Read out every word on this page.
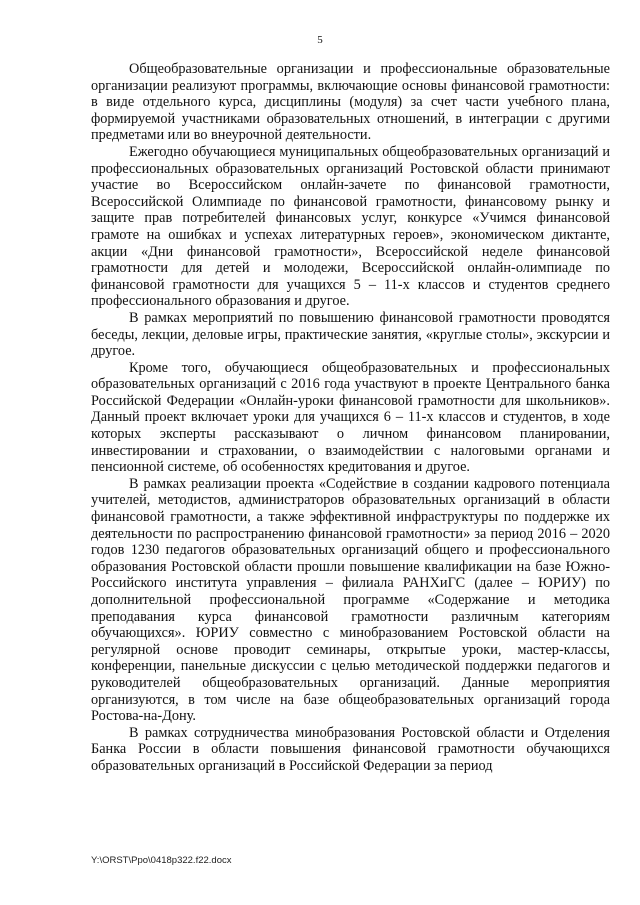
5

Общеобразовательные организации и профессиональные образовательные организации реализуют программы, включающие основы финансовой грамотности: в виде отдельного курса, дисциплины (модуля) за счет части учебного плана, формируемой участниками образовательных отношений, в интеграции с другими предметами или во внеурочной деятельности.

Ежегодно обучающиеся муниципальных общеобразовательных организаций и профессиональных образовательных организаций Ростовской области принимают участие во Всероссийском онлайн-зачете по финансовой грамотности, Всероссийской Олимпиаде по финансовой грамотности, финансовому рынку и защите прав потребителей финансовых услуг, конкурсе «Учимся финансовой грамоте на ошибках и успехах литературных героев», экономическом диктанте, акции «Дни финансовой грамотности», Всероссийской неделе финансовой грамотности для детей и молодежи, Всероссийской онлайн-олимпиаде по финансовой грамотности для учащихся 5 – 11-х классов и студентов среднего профессионального образования и другое.

В рамках мероприятий по повышению финансовой грамотности проводятся беседы, лекции, деловые игры, практические занятия, «круглые столы», экскурсии и другое.

Кроме того, обучающиеся общеобразовательных и профессиональных образовательных организаций с 2016 года участвуют в проекте Центрального банка Российской Федерации «Онлайн-уроки финансовой грамотности для школьников». Данный проект включает уроки для учащихся 6 – 11-х классов и студентов, в ходе которых эксперты рассказывают о личном финансовом планировании, инвестировании и страховании, о взаимодействии с налоговыми органами и пенсионной системе, об особенностях кредитования и другое.

В рамках реализации проекта «Содействие в создании кадрового потенциала учителей, методистов, администраторов образовательных организаций в области финансовой грамотности, а также эффективной инфраструктуры по поддержке их деятельности по распространению финансовой грамотности» за период 2016 – 2020 годов 1230 педагогов образовательных организаций общего и профессионального образования Ростовской области прошли повышение квалификации на базе Южно-Российского института управления – филиала РАНХиГС (далее – ЮРИУ) по дополнительной профессиональной программе «Содержание и методика преподавания курса финансовой грамотности различным категориям обучающихся». ЮРИУ совместно с минобразованием Ростовской области на регулярной основе проводит семинары, открытые уроки, мастер-классы, конференции, панельные дискуссии с целью методической поддержки педагогов и руководителей общеобразовательных организаций. Данные мероприятия организуются, в том числе на базе общеобразовательных организаций города Ростова-на-Дону.

В рамках сотрудничества минобразования Ростовской области и Отделения Банка России в области повышения финансовой грамотности обучающихся образовательных организаций в Российской Федерации за период

Y:\ORST\Ppo\0418p322.f22.docx
